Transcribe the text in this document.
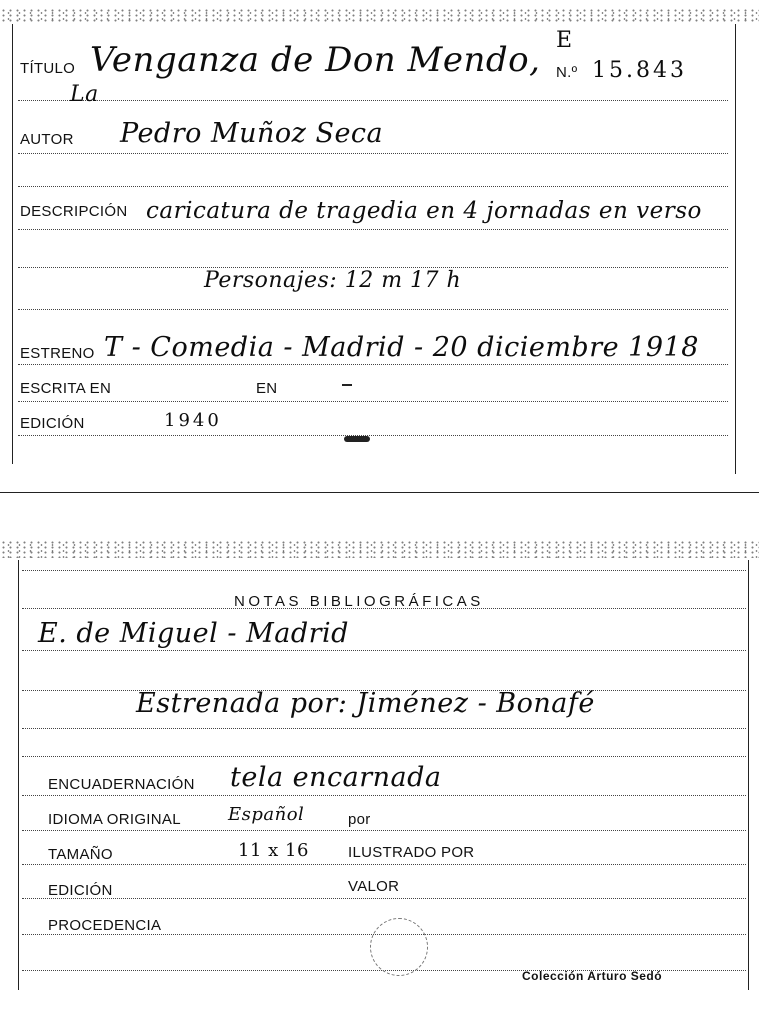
TÍTULO Venganza de Don Mendo,
La
E
N.º 15.843
AUTOR Pedro Muñoz Seca
DESCRIPCIÓN caricatura de tragedia en 4 jornadas en verso
Personajes: 12 m 17 h
ESTRENO T - Comedia - Madrid - 20 diciembre 1918
ESCRITA EN	EN
EDICIÓN	1940
NOTAS BIBLIOGRÁFICAS
E. de Miguel - Madrid
Estrenada por: Jiménez - Bonafé
ENCUADERNACIÓN tela encarnada
IDIOMA ORIGINAL	Español	por
TAMAÑO	11 x 16	ILUSTRADO POR
EDICIÓN	VALOR
PROCEDENCIA
Colección Arturo Sedó
